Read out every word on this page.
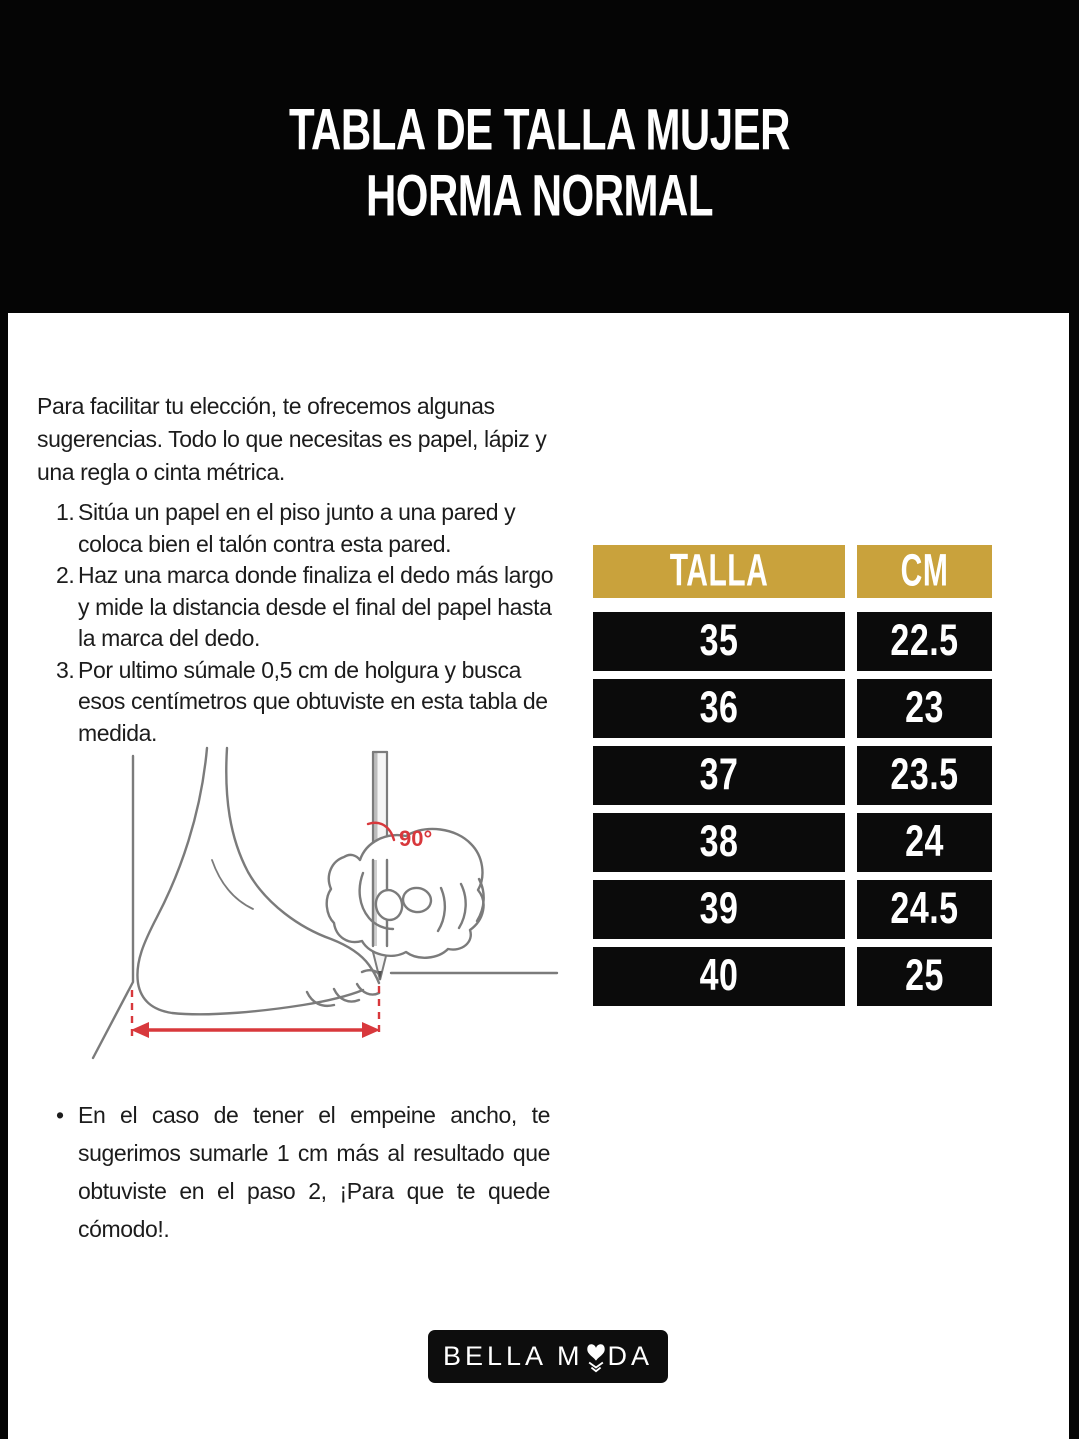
TABLA DE TALLA MUJER
HORMA NORMAL
Para facilitar tu elección, te ofrecemos algunas
sugerencias. Todo lo que necesitas es papel, lápiz y
una regla o cinta métrica.
1. Sitúa un papel en el piso junto a una pared y
coloca bien el talón contra esta pared.
2. Haz una marca donde finaliza el dedo más largo
y mide la distancia desde el final del papel hasta
la marca del dedo.
3. Por ultimo súmale 0,5 cm de holgura y busca
esos centímetros que obtuviste en esta tabla de
medida.
90°
TALLA	CM
35	22.5
36	23
37	23.5
38	24
39	24.5
40	25
• En el caso de tener el empeine ancho, te
sugerimos sumarle 1 cm más al resultado que
obtuviste en el paso 2, ¡Para que te quede
cómodo!.
BELLA M DA
